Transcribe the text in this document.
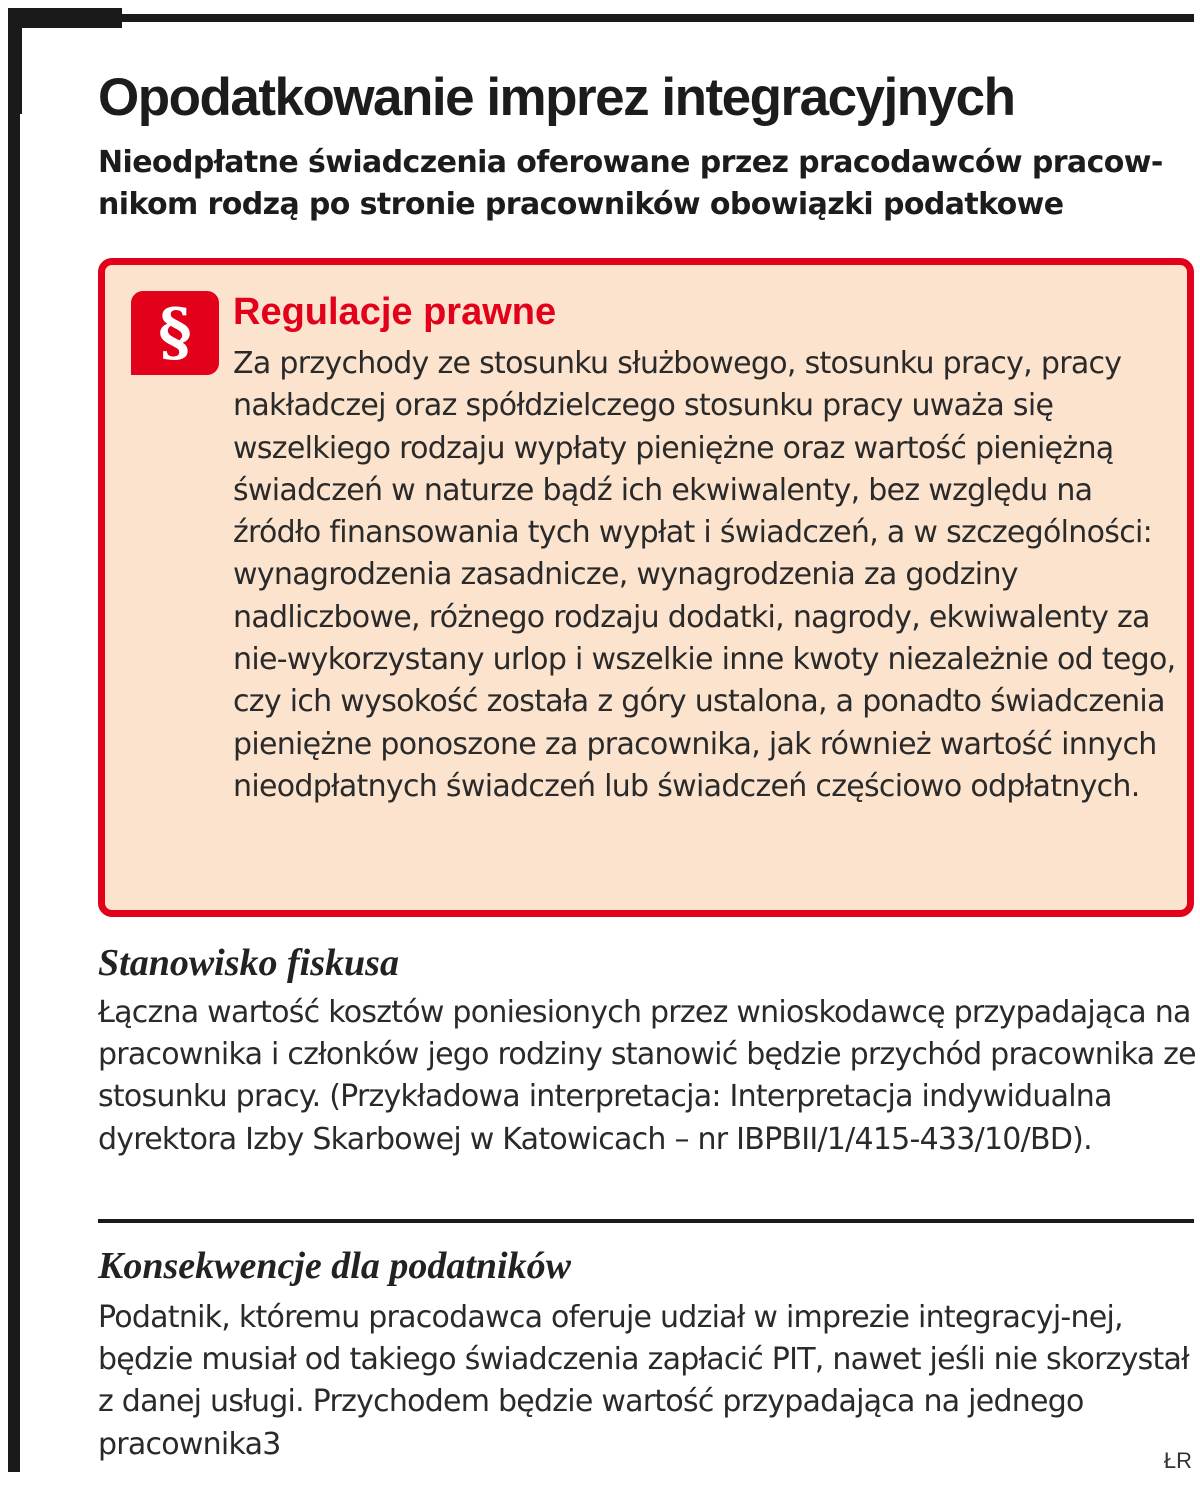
Opodatkowanie imprez integracyjnych

Nieodpłatne świadczenia oferowane przez pracodawców pracow-nikom rodzą po stronie pracowników obowiązki podatkowe

§	Regulacje prawne

Za przychody ze stosunku służbowego, stosunku pracy, pracy nakładczej oraz spółdzielczego stosunku pracy uważa się wszelkiego rodzaju wypłaty pieniężne oraz wartość pieniężną świadczeń w naturze bądź ich ekwiwalenty, bez względu na źródło finansowania tych wypłat i świadczeń, a w szczególności: wynagrodzenia zasadnicze, wynagrodzenia za godziny nadliczbowe, różnego rodzaju dodatki, nagrody, ekwiwalenty za nie-wykorzystany urlop i wszelkie inne kwoty niezależnie od tego, czy ich wysokość została z góry ustalona, a ponadto świadczenia pieniężne ponoszone za pracownika, jak również wartość innych nieodpłatnych świadczeń lub świadczeń częściowo odpłatnych.

Stanowisko fiskusa

Łączna wartość kosztów poniesionych przez wnioskodawcę przypadająca na pracownika i członków jego rodziny stanowić będzie przychód pracownika ze stosunku pracy. (Przykładowa interpretacja: Interpretacja indywidualna dyrektora Izby Skarbowej w Katowicach – nr IBPBII/1/415-433/10/BD).

Konsekwencje dla podatników

Podatnik, któremu pracodawca oferuje udział w imprezie integracyj-nej, będzie musiał od takiego świadczenia zapłacić PIT, nawet jeśli nie skorzystał z danej usługi. Przychodem będzie wartość przypadająca na jednego pracownika3	ŁR
